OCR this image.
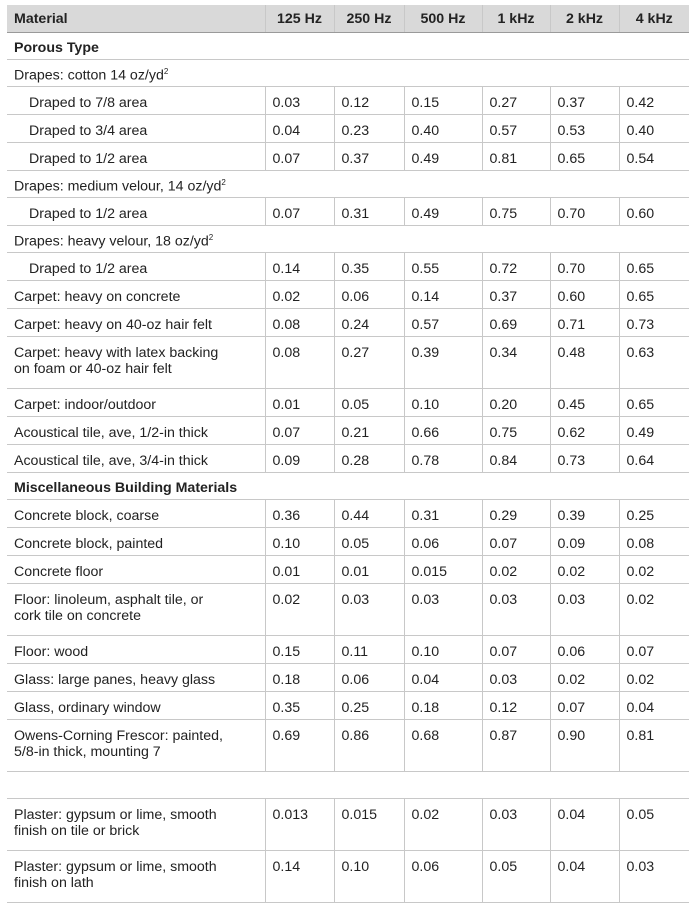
Material	125 Hz	250 Hz	500 Hz	1 kHz	2 kHz	4 kHz
Porous Type						
Drapes: cotton 14 $oz/yd^2$
Draped to 7/8 area	0.03	0.12	0.15	0.27	0.37	0.42
Draped to 3/4 area	0.04	0.23	0.40	0.57	0.53	0.40
Draped to 1/2 area	0.07	0.37	0.49	0.81	0.65	0.54
Drapes: medium velour, 14 $oz/yd^2$
Draped to 1/2 area	0.07	0.31	0.49	0.75	0.70	0.60
Drapes: heavy velour, 18 $oz/yd^2$
Draped to 1/2 area	0.14	0.35	0.55	0.72	0.70	0.65
Carpet: heavy on concrete	0.02	0.06	0.14	0.37	0.60	0.65
Carpet: heavy on 40-oz hair felt	0.08	0.24	0.57	0.69	0.71	0.73

Carpet: heavy with latex backing
on foam or 40-oz hair felt	0.08	0.27	0.39	0.34	0.48	0.63
Carpet: indoor/outdoor	0.01	0.05	0.10	0.20	0.45	0.65
Acoustical tile, ave, 1/2-in thick	0.07	0.21	0.66	0.75	0.62	0.49
Acoustical tile, ave, 3/4-in thick	0.09	0.28	0.78	0.84	0.73	0.64
Miscellaneous Building Materials						
Concrete block, coarse	0.36	0.44	0.31	0.29	0.39	0.25
Concrete block, painted	0.10	0.05	0.06	0.07	0.09	0.08
Concrete floor	0.01	0.01	0.015	0.02	0.02	0.02

Floor: linoleum, asphalt tile, or
cork tile on concrete	0.02	0.03	0.03	0.03	0.03	0.02
Floor: wood	0.15	0.11	0.10	0.07	0.06	0.07
Glass: large panes, heavy glass	0.18	0.06	0.04	0.03	0.02	0.02
Glass, ordinary window	0.35	0.25	0.18	0.12	0.07	0.04

Owens-Corning Frescor: painted,
5/8-in thick, mounting 7	0.69	0.86	0.68	0.87	0.90	0.81

Plaster: gypsum or lime, smooth
finish on tile or brick	0.013	0.015	0.02	0.03	0.04	0.05

Plaster: gypsum or lime, smooth
finish on lath	0.14	0.10	0.06	0.05	0.04	0.03
